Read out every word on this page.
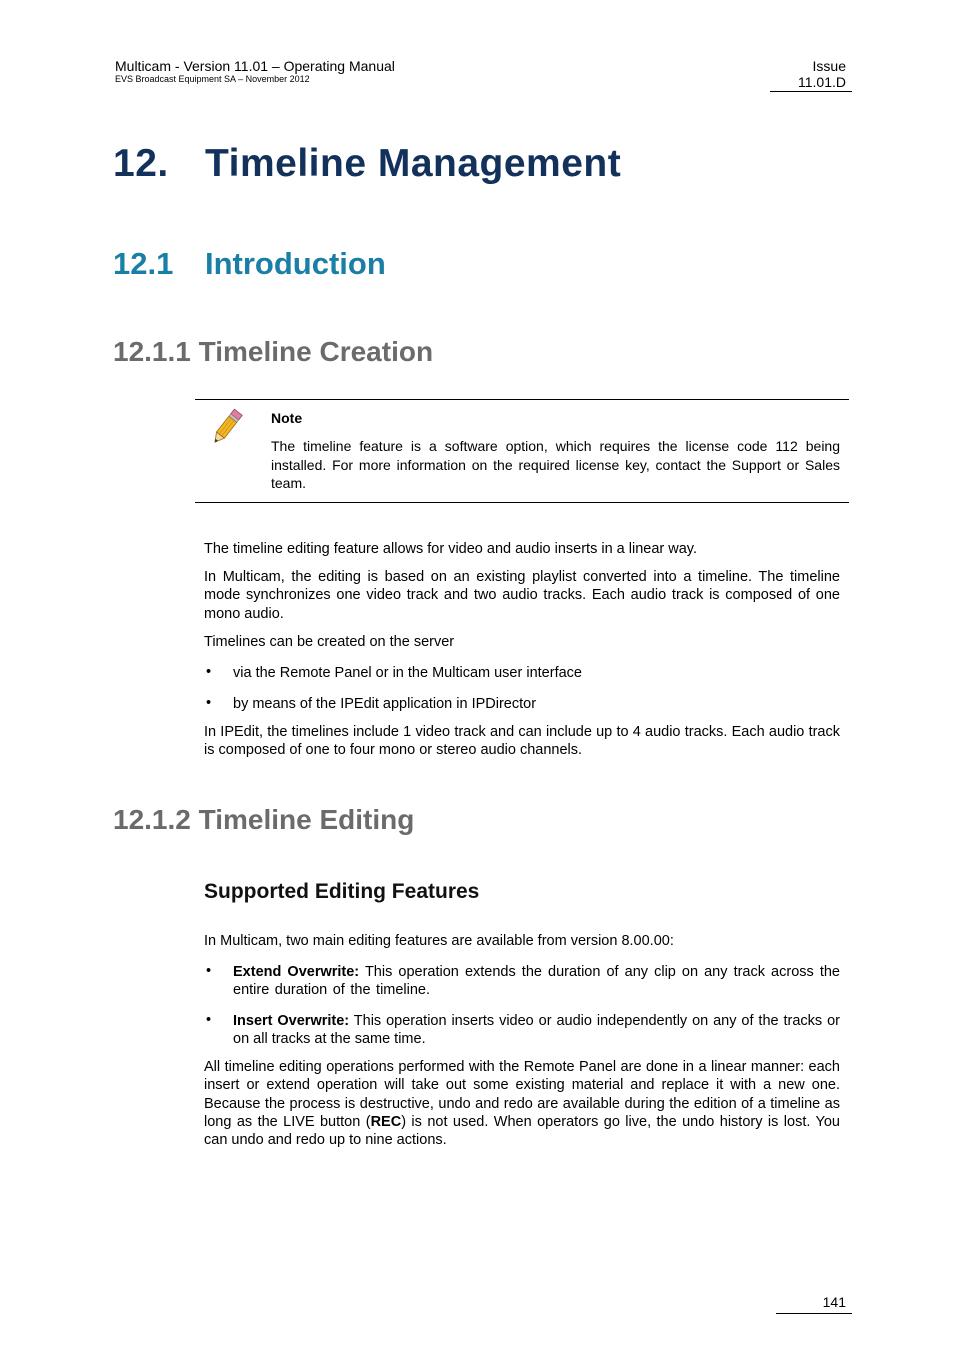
Multicam - Version 11.01 – Operating Manual
EVS Broadcast Equipment SA – November 2012
Issue
11.01.D
12. Timeline Management
12.1 Introduction
12.1.1 Timeline Creation
Note
The timeline feature is a software option, which requires the license code 112 being installed. For more information on the required license key, contact the Support or Sales team.
The timeline editing feature allows for video and audio inserts in a linear way.
In Multicam, the editing is based on an existing playlist converted into a timeline. The timeline mode synchronizes one video track and two audio tracks. Each audio track is composed of one mono audio.
Timelines can be created on the server
• via the Remote Panel or in the Multicam user interface
• by means of the IPEdit application in IPDirector
In IPEdit, the timelines include 1 video track and can include up to 4 audio tracks. Each audio track is composed of one to four mono or stereo audio channels.
12.1.2 Timeline Editing
Supported Editing Features
In Multicam, two main editing features are available from version 8.00.00:
• Extend Overwrite: This operation extends the duration of any clip on any track across the entire duration of the timeline.
• Insert Overwrite: This operation inserts video or audio independently on any of the tracks or on all tracks at the same time.
All timeline editing operations performed with the Remote Panel are done in a linear manner: each insert or extend operation will take out some existing material and replace it with a new one. Because the process is destructive, undo and redo are available during the edition of a timeline as long as the LIVE button (REC) is not used. When operators go live, the undo history is lost. You can undo and redo up to nine actions.
141
